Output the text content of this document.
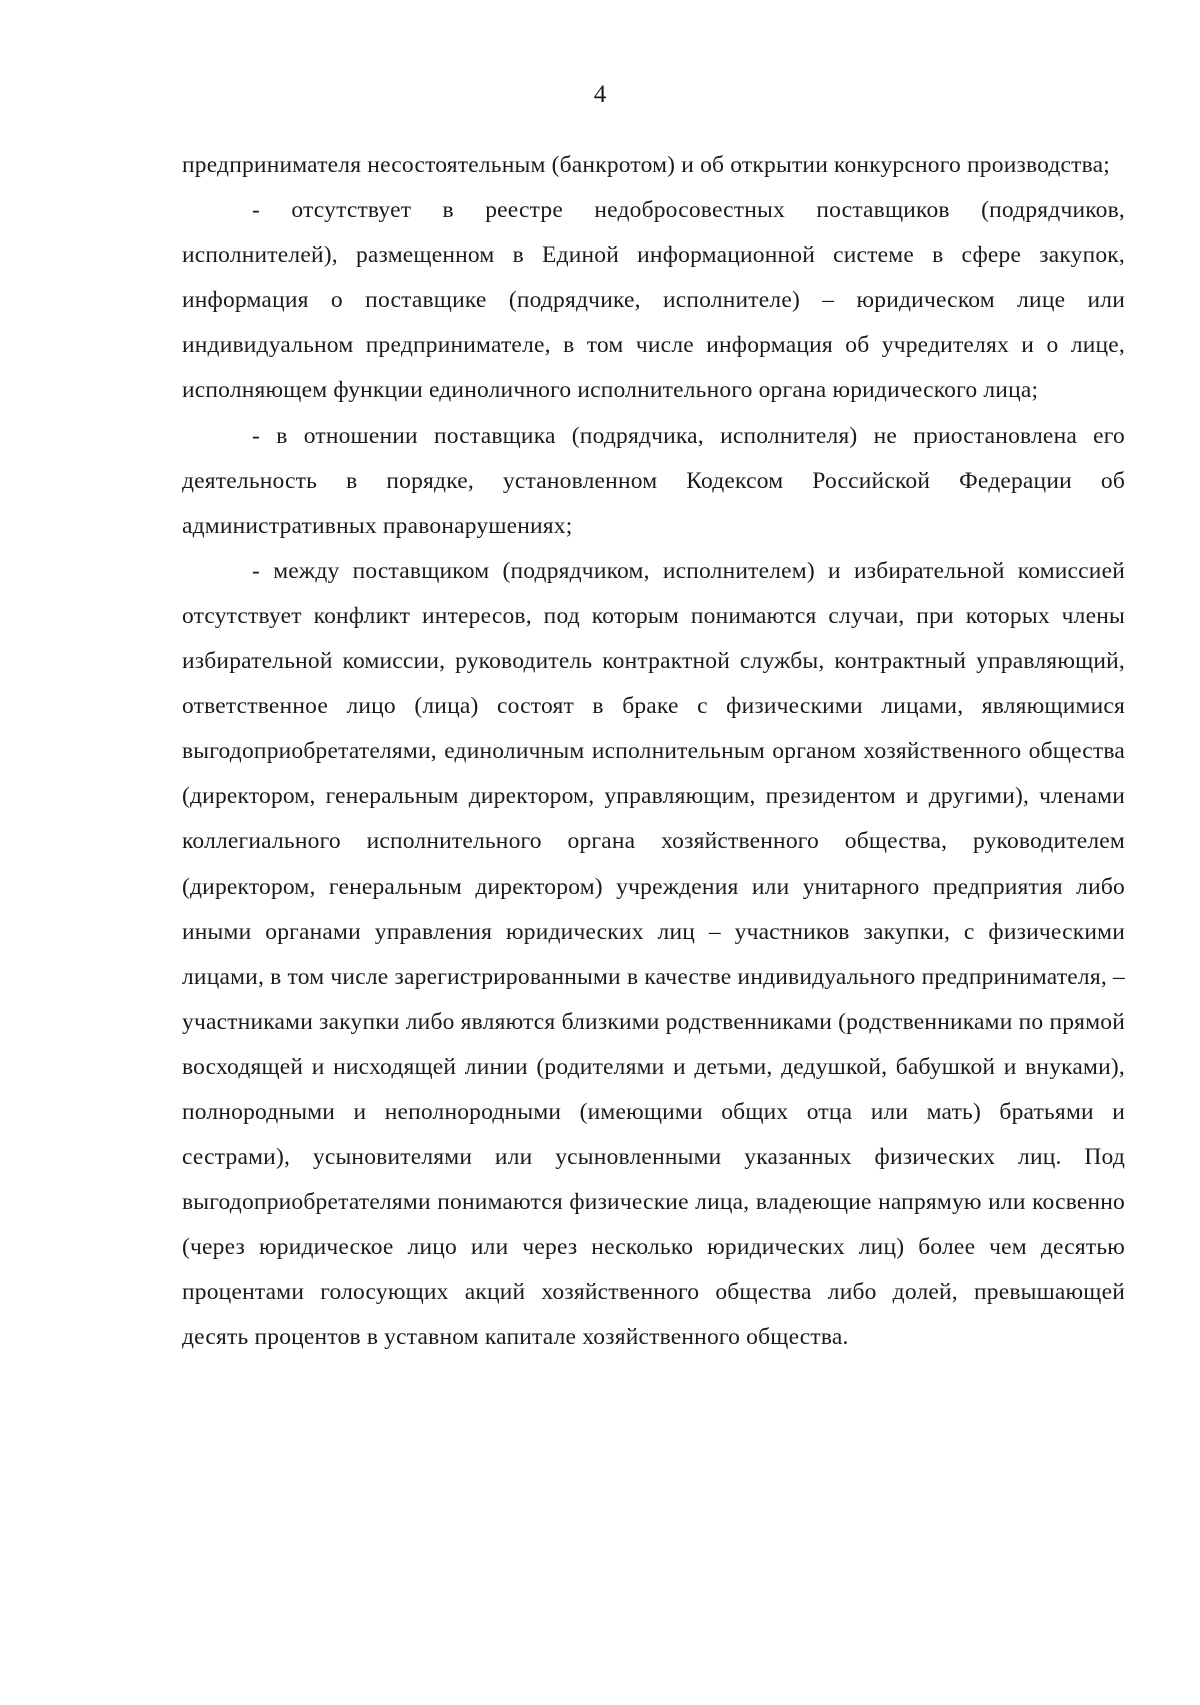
4

предпринимателя несостоятельным (банкротом) и об открытии конкурсного производства;

- отсутствует в реестре недобросовестных поставщиков (подрядчиков, исполнителей), размещенном в Единой информационной системе в сфере закупок, информация о поставщике (подрядчике, исполнителе) – юридическом лице или индивидуальном предпринимателе, в том числе информация об учредителях и о лице, исполняющем функции единоличного исполнительного органа юридического лица;

- в отношении поставщика (подрядчика, исполнителя) не приостановлена его деятельность в порядке, установленном Кодексом Российской Федерации об административных правонарушениях;

- между поставщиком (подрядчиком, исполнителем) и избирательной комиссией отсутствует конфликт интересов, под которым понимаются случаи, при которых члены избирательной комиссии, руководитель контрактной службы, контрактный управляющий, ответственное лицо (лица) состоят в браке с физическими лицами, являющимися выгодоприобретателями, единоличным исполнительным органом хозяйственного общества (директором, генеральным директором, управляющим, президентом и другими), членами коллегиального исполнительного органа хозяйственного общества, руководителем (директором, генеральным директором) учреждения или унитарного предприятия либо иными органами управления юридических лиц – участников закупки, с физическими лицами, в том числе зарегистрированными в качестве индивидуального предпринимателя, – участниками закупки либо являются близкими родственниками (родственниками по прямой восходящей и нисходящей линии (родителями и детьми, дедушкой, бабушкой и внуками), полнородными и неполнородными (имеющими общих отца или мать) братьями и сестрами), усыновителями или усыновленными указанных физических лиц. Под выгодоприобретателями понимаются физические лица, владеющие напрямую или косвенно (через юридическое лицо или через несколько юридических лиц) более чем десятью процентами голосующих акций хозяйственного общества либо долей, превышающей десять процентов в уставном капитале хозяйственного общества.
